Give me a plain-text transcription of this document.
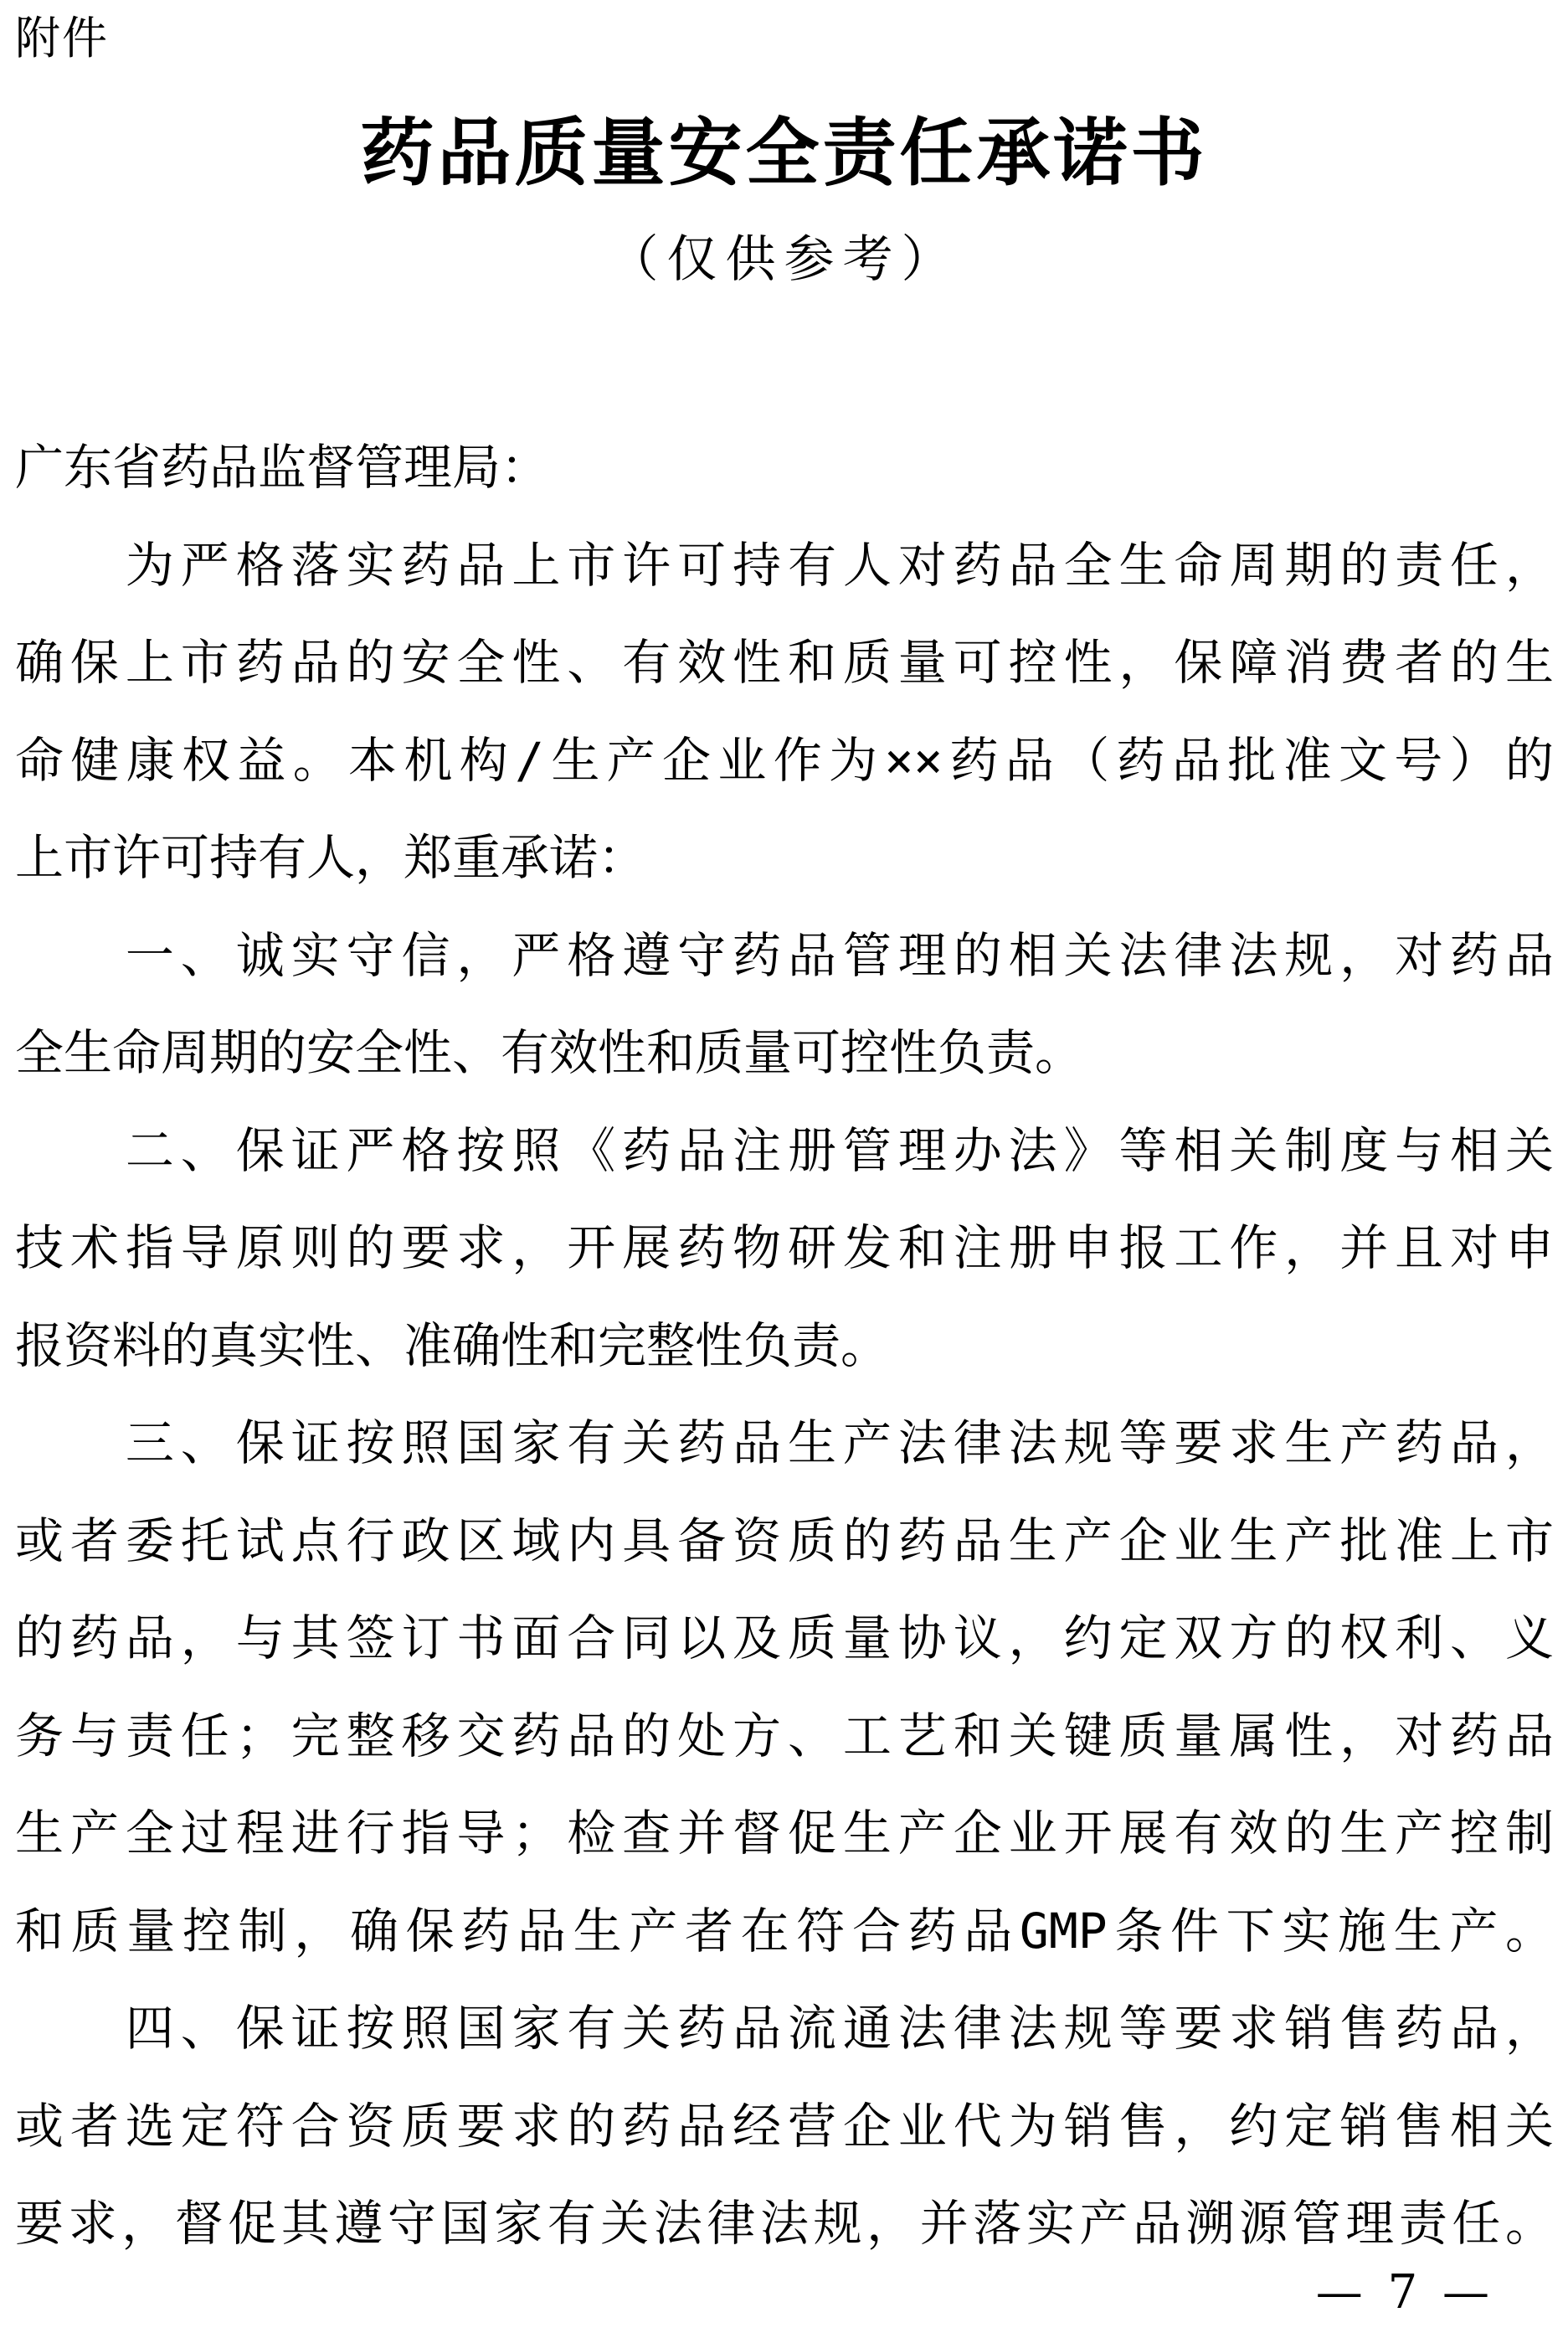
附件
药品质量安全责任承诺书
（仅供参考）
广东省药品监督管理局：
　　为严格落实药品上市许可持有人对药品全生命周期的责任，
确保上市药品的安全性、有效性和质量可控性，保障消费者的生
命健康权益。本机构/生产企业作为××药品（药品批准文号）的
上市许可持有人，郑重承诺：
　　一、诚实守信，严格遵守药品管理的相关法律法规，对药品
全生命周期的安全性、有效性和质量可控性负责。
　　二、保证严格按照《药品注册管理办法》等相关制度与相关
技术指导原则的要求，开展药物研发和注册申报工作，并且对申
报资料的真实性、准确性和完整性负责。
　　三、保证按照国家有关药品生产法律法规等要求生产药品，
或者委托试点行政区域内具备资质的药品生产企业生产批准上市
的药品，与其签订书面合同以及质量协议，约定双方的权利、义
务与责任；完整移交药品的处方、工艺和关键质量属性，对药品
生产全过程进行指导；检查并督促生产企业开展有效的生产控制
和质量控制，确保药品生产者在符合药品GMP条件下实施生产。
　　四、保证按照国家有关药品流通法律法规等要求销售药品，
或者选定符合资质要求的药品经营企业代为销售，约定销售相关
要求，督促其遵守国家有关法律法规，并落实产品溯源管理责任。
— 7 —
